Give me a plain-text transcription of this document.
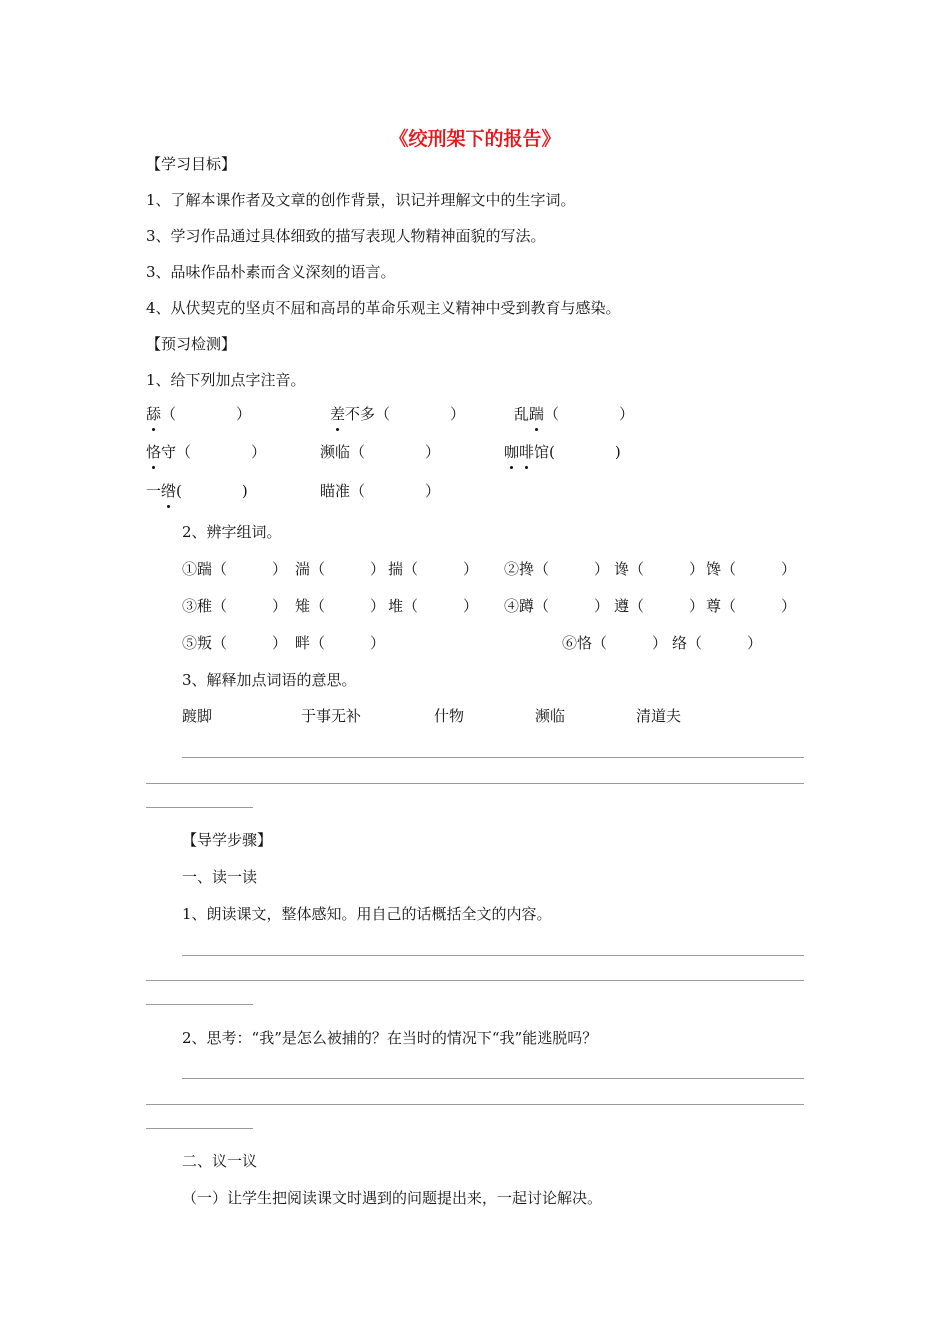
《绞刑架下的报告》
【学习目标】
1、了解本课作者及文章的创作背景，识记并理解文中的生字词。
3、学习作品通过具体细致的描写表现人物精神面貌的写法。
3、品味作品朴素而含义深刻的语言。
4、从伏契克的坚贞不屈和高昂的革命乐观主义精神中受到教育与感染。
【预习检测】
1、给下列加点字注音。
舔（　　　　）	差不多（　　　　）	乱踹（　　　　）
恪守（　　　　）	濒临（　　　　）	咖啡馆(　　　　)
一绺(　　　　)	瞄准（　　　　）
2、辨字组词。
①踹（　　　） 湍（　　　） 揣（　　　） ②搀（　　　） 谗（　　　） 馋（　　　）
③稚（　　　） 雉（　　　） 堆（　　　） ④蹲（　　　） 遵（　　　） 尊（　　　）
⑤叛（　　　） 畔（　　　）	⑥恪（　　　） 络（　　　）
3、解释加点词语的意思。
踱脚	于事无补	什物	濒临	清道夫
【导学步骤】
一、读一读
1、朗读课文，整体感知。用自己的话概括全文的内容。
2、思考：“我”是怎么被捕的？在当时的情况下“我”能逃脱吗？
二、议一议
（一）让学生把阅读课文时遇到的问题提出来，一起讨论解决。
